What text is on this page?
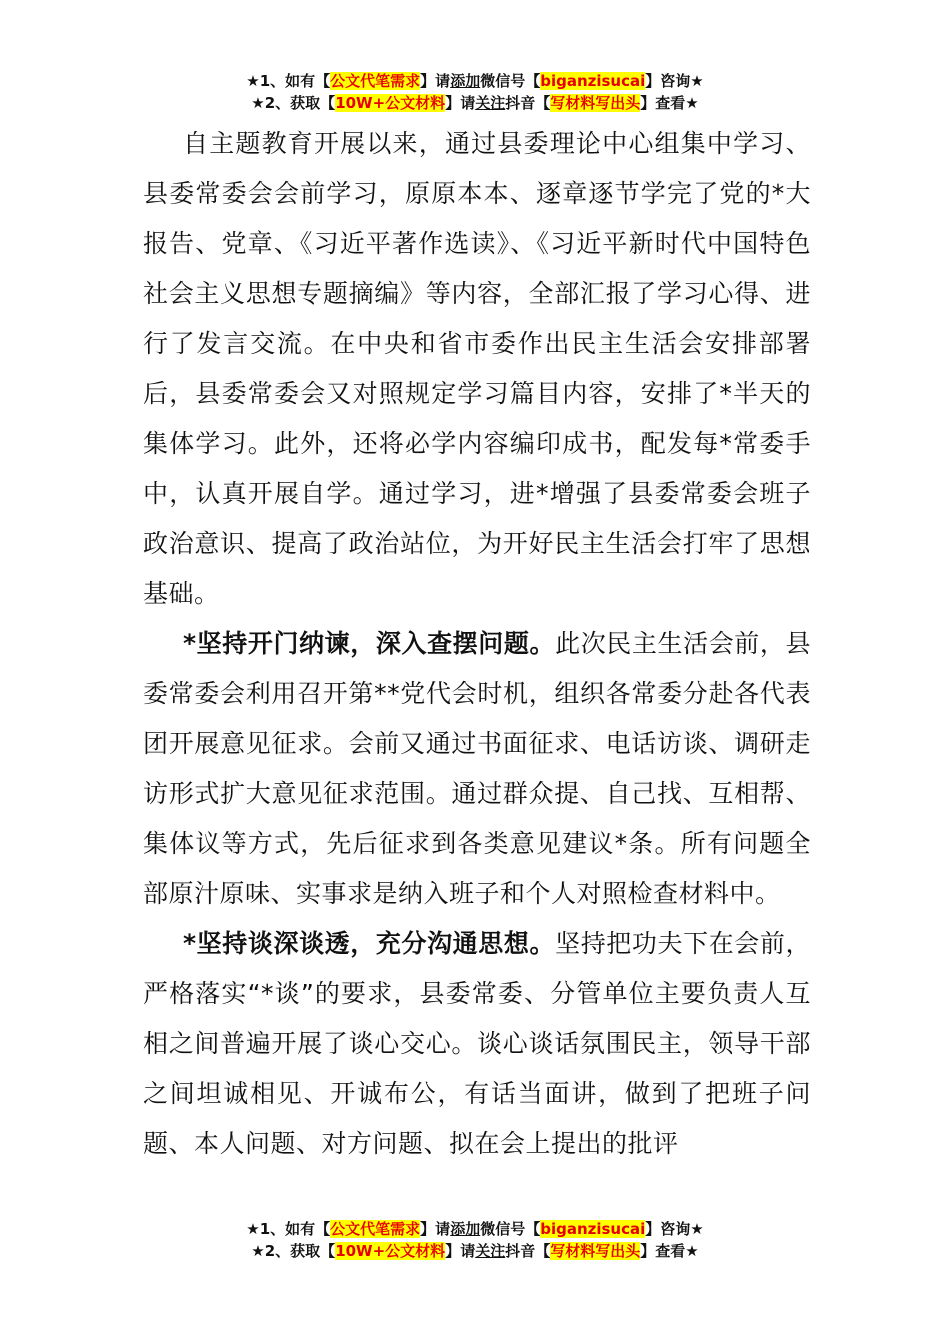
★1、如有【公文代笔需求】请添加微信号【biganzisucai】咨询★
★2、获取【10W+公文材料】请关注抖音【写材料写出头】查看★

自主题教育开展以来，通过县委理论中心组集中学习、县委常委会会前学习，原原本本、逐章逐节学完了党的*大报告、党章、《习近平著作选读》、《习近平新时代中国特色社会主义思想专题摘编》等内容，全部汇报了学习心得、进行了发言交流。在中央和省市委作出民主生活会安排部署后，县委常委会又对照规定学习篇目内容，安排了*半天的集体学习。此外，还将必学内容编印成书，配发每*常委手中，认真开展自学。通过学习，进*增强了县委常委会班子政治意识、提高了政治站位，为开好民主生活会打牢了思想基础。

*坚持开门纳谏，深入查摆问题。此次民主生活会前，县委常委会利用召开第**党代会时机，组织各常委分赴各代表团开展意见征求。会前又通过书面征求、电话访谈、调研走访形式扩大意见征求范围。通过群众提、自己找、互相帮、集体议等方式，先后征求到各类意见建议*条。所有问题全部原汁原味、实事求是纳入班子和个人对照检查材料中。

*坚持谈深谈透，充分沟通思想。坚持把功夫下在会前，严格落实“*谈”的要求，县委常委、分管单位主要负责人互相之间普遍开展了谈心交心。谈心谈话氛围民主，领导干部之间坦诚相见、开诚布公，有话当面讲，做到了把班子问题、本人问题、对方问题、拟在会上提出的批评

★1、如有【公文代笔需求】请添加微信号【biganzisucai】咨询★
★2、获取【10W+公文材料】请关注抖音【写材料写出头】查看★
